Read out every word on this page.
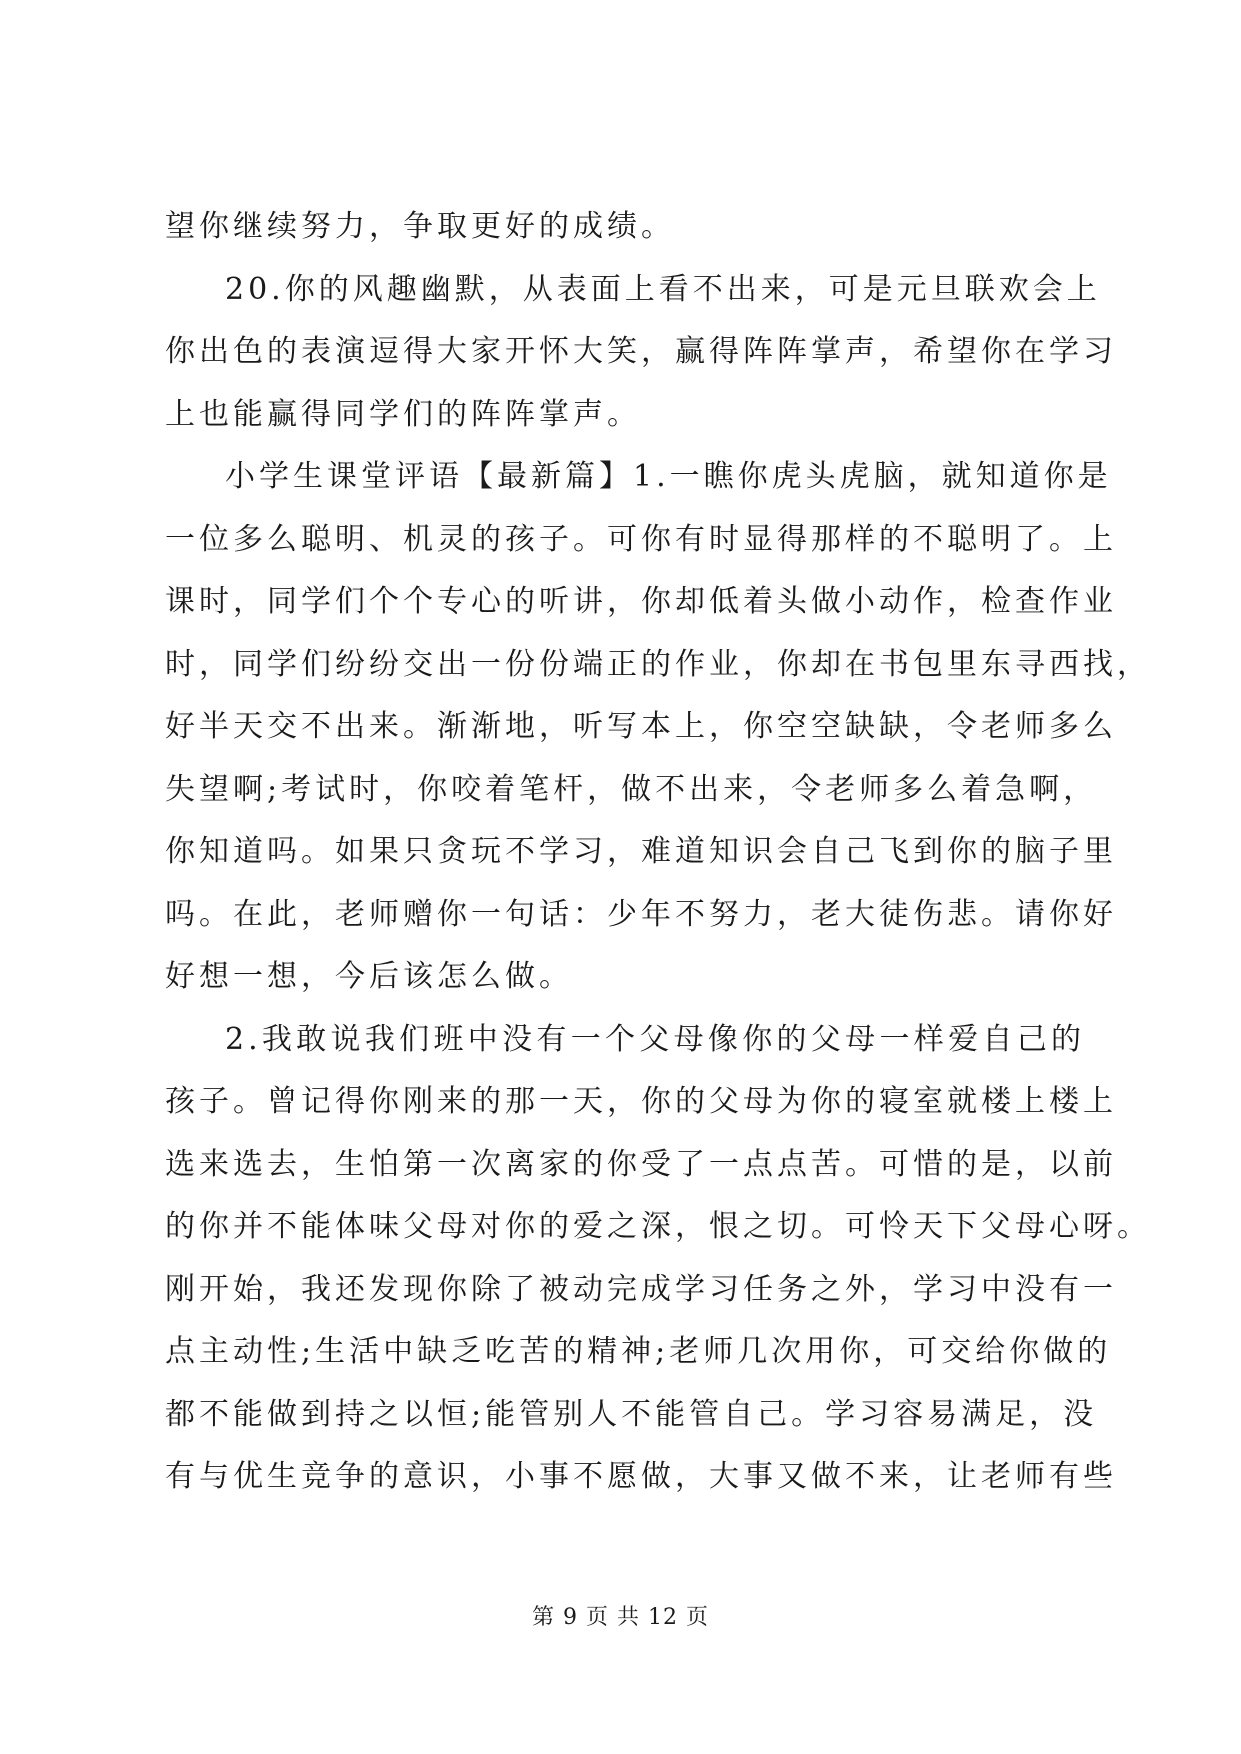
望你继续努力，争取更好的成绩。
20.你的风趣幽默，从表面上看不出来，可是元旦联欢会上
你出色的表演逗得大家开怀大笑，赢得阵阵掌声，希望你在学习
上也能赢得同学们的阵阵掌声。
小学生课堂评语【最新篇】1.一瞧你虎头虎脑，就知道你是
一位多么聪明、机灵的孩子。可你有时显得那样的不聪明了。上
课时，同学们个个专心的听讲，你却低着头做小动作，检查作业
时，同学们纷纷交出一份份端正的作业，你却在书包里东寻西找，
好半天交不出来。渐渐地，听写本上，你空空缺缺，令老师多么
失望啊;考试时，你咬着笔杆，做不出来，令老师多么着急啊，
你知道吗。如果只贪玩不学习，难道知识会自己飞到你的脑子里
吗。在此，老师赠你一句话：少年不努力，老大徒伤悲。请你好
好想一想，今后该怎么做。
2.我敢说我们班中没有一个父母像你的父母一样爱自己的
孩子。曾记得你刚来的那一天，你的父母为你的寝室就楼上楼上
选来选去，生怕第一次离家的你受了一点点苦。可惜的是，以前
的你并不能体味父母对你的爱之深，恨之切。可怜天下父母心呀。
刚开始，我还发现你除了被动完成学习任务之外，学习中没有一
点主动性;生活中缺乏吃苦的精神;老师几次用你，可交给你做的
都不能做到持之以恒;能管别人不能管自己。学习容易满足，没
有与优生竞争的意识，小事不愿做，大事又做不来，让老师有些
第 9 页 共 12 页
